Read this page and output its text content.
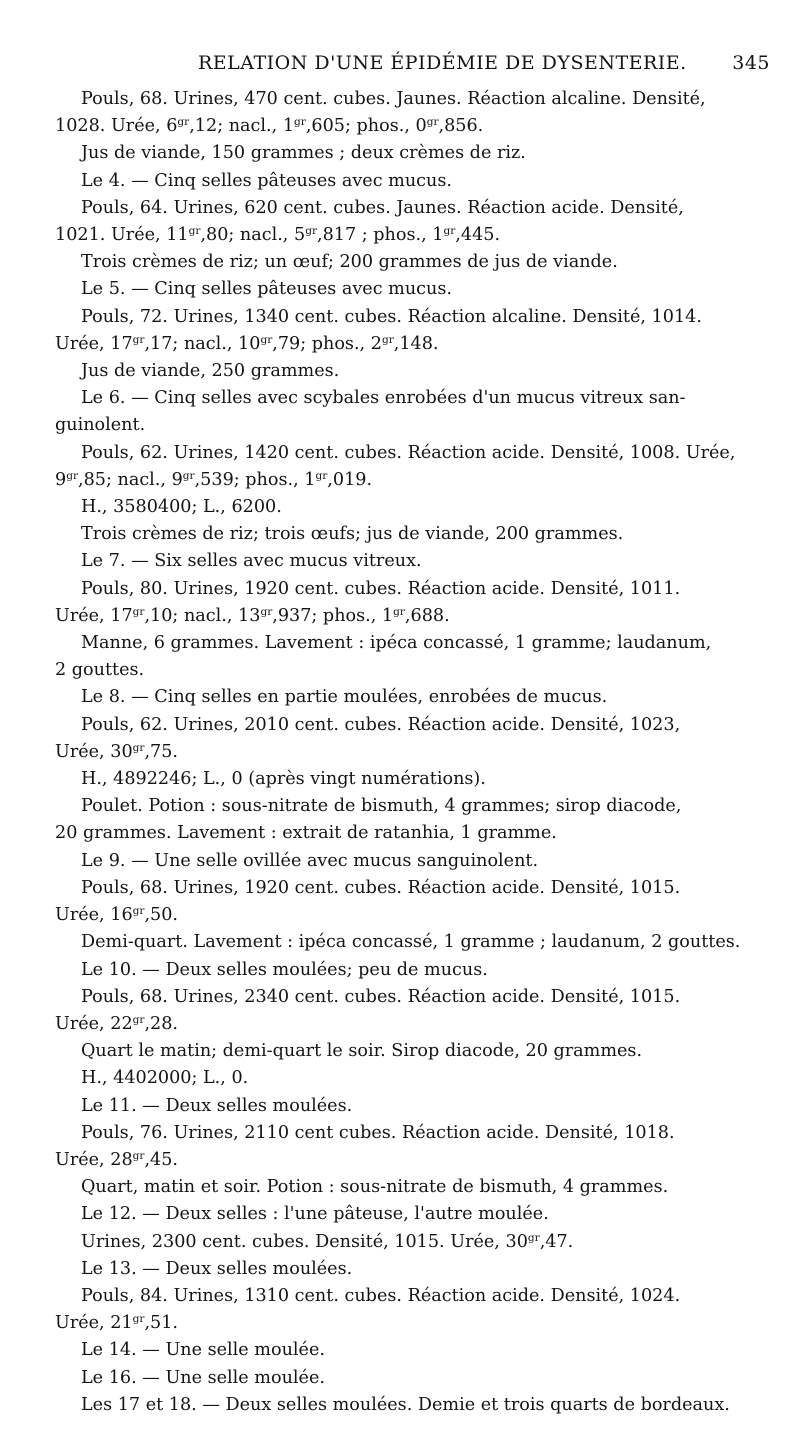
RELATION D'UNE ÉPIDÉMIE DE DYSENTERIE. 345

Pouls, 68. Urines, 470 cent. cubes. Jaunes. Réaction alcaline. Densité,

1028. Urée, $6^{gr},12$; nacl., $1^{gr},605$; phos., $0^{gr},856$.

Jus de viande, 150 grammes ; deux crèmes de riz.

Le 4. — Cinq selles pâteuses avec mucus.

Pouls, 64. Urines, 620 cent. cubes. Jaunes. Réaction acide. Densité,

1021. Urée, $11^{gr},80$; nacl., $5^{gr},817$ ; phos., $1^{gr},445$.

Trois crèmes de riz; un œuf; 200 grammes de jus de viande.

Le 5. — Cinq selles pâteuses avec mucus.

Pouls, 72. Urines, 1340 cent. cubes. Réaction alcaline. Densité, 1014.

Urée, $17^{gr},17$; nacl., $10^{gr},79$; phos., $2^{gr},148$.

Jus de viande, 250 grammes.

Le 6. — Cinq selles avec scybales enrobées d'un mucus vitreux san-

guinolent.

Pouls, 62. Urines, 1420 cent. cubes. Réaction acide. Densité, 1008. Urée,

$9^{gr},85$; nacl., $9^{gr},539$; phos., $1^{gr},019$.

H., 3580400; L., 6200.

Trois crèmes de riz; trois œufs; jus de viande, 200 grammes.

Le 7. — Six selles avec mucus vitreux.

Pouls, 80. Urines, 1920 cent. cubes. Réaction acide. Densité, 1011.

Urée, $17^{gr},10$; nacl., $13^{gr},937$; phos., $1^{gr},688$.

Manne, 6 grammes. Lavement : ipéca concassé, 1 gramme; laudanum,

2 gouttes.

Le 8. — Cinq selles en partie moulées, enrobées de mucus.

Pouls, 62. Urines, 2010 cent. cubes. Réaction acide. Densité, 1023,

Urée, $30^{gr},75$.

H., 4892246; L., 0 (après vingt numérations).

Poulet. Potion : sous-nitrate de bismuth, 4 grammes; sirop diacode,

20 grammes. Lavement : extrait de ratanhia, 1 gramme.

Le 9. — Une selle ovillée avec mucus sanguinolent.

Pouls, 68. Urines, 1920 cent. cubes. Réaction acide. Densité, 1015.

Urée, $16^{gr},50$.

Demi-quart. Lavement : ipéca concassé, 1 gramme ; laudanum, 2 gouttes.

Le 10. — Deux selles moulées; peu de mucus.

Pouls, 68. Urines, 2340 cent. cubes. Réaction acide. Densité, 1015.

Urée, $22^{gr},28$.

Quart le matin; demi-quart le soir. Sirop diacode, 20 grammes.

H., 4402000; L., 0.

Le 11. — Deux selles moulées.

Pouls, 76. Urines, 2110 cent cubes. Réaction acide. Densité, 1018.

Urée, $28^{gr},45$.

Quart, matin et soir. Potion : sous-nitrate de bismuth, 4 grammes.

Le 12. — Deux selles : l'une pâteuse, l'autre moulée.

Urines, 2300 cent. cubes. Densité, 1015. Urée, $30^{gr},47$.

Le 13. — Deux selles moulées.

Pouls, 84. Urines, 1310 cent. cubes. Réaction acide. Densité, 1024.

Urée, $21^{gr},51$.

Le 14. — Une selle moulée.

Le 16. — Une selle moulée.

Les 17 et 18. — Deux selles moulées. Demie et trois quarts de bordeaux.
